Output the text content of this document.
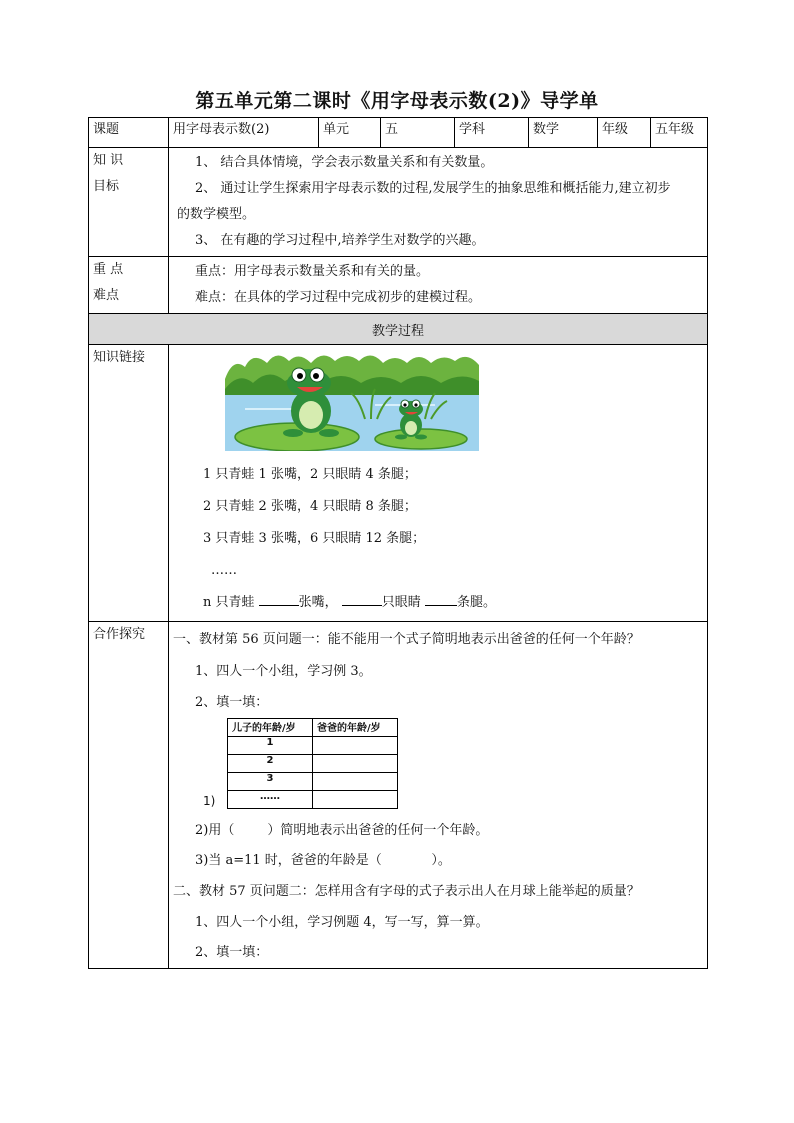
第五单元第二课时《用字母表示数(2)》导学单
课题	用字母表示数(2)	单元	五	学科	数学	年级	五年级

知 识
目标

1、 结合具体情境，学会表示数量关系和有关数量。
2、 通过让学生探索用字母表示数的过程,发展学生的抽象思维和概括能力,建立初步
的数学模型。
3、 在有趣的学习过程中,培养学生对数学的兴趣。

重 点
难点

重点：用字母表示数量关系和有关的量。
难点：在具体的学习过程中完成初步的建模过程。

教学过程
知识链接	
1 只青蛙 1 张嘴，2 只眼睛 4 条腿；
2 只青蛙 2 张嘴，4 只眼睛 8 条腿；
3 只青蛙 3 张嘴，6 只眼睛 12 条腿；
……
n 只青蛙	张嘴，	只眼睛 条腿。

合作探究	一、教材第 56 页问题一：能不能用一个式子简明地表示出爸爸的任何一个年龄？
1、四人一个小组，学习例 3。
2、填一填：
1)
儿子的年龄/岁	爸爸的年龄/岁
1	
2	
3	
……	
2)用（        ）简明地表示出爸爸的任何一个年龄。
3)当 a=11 时，爸爸的年龄是（            ）。
二、教材 57 页问题二：怎样用含有字母的式子表示出人在月球上能举起的质量？
1、四人一个小组，学习例题 4，写一写，算一算。
2、填一填：
